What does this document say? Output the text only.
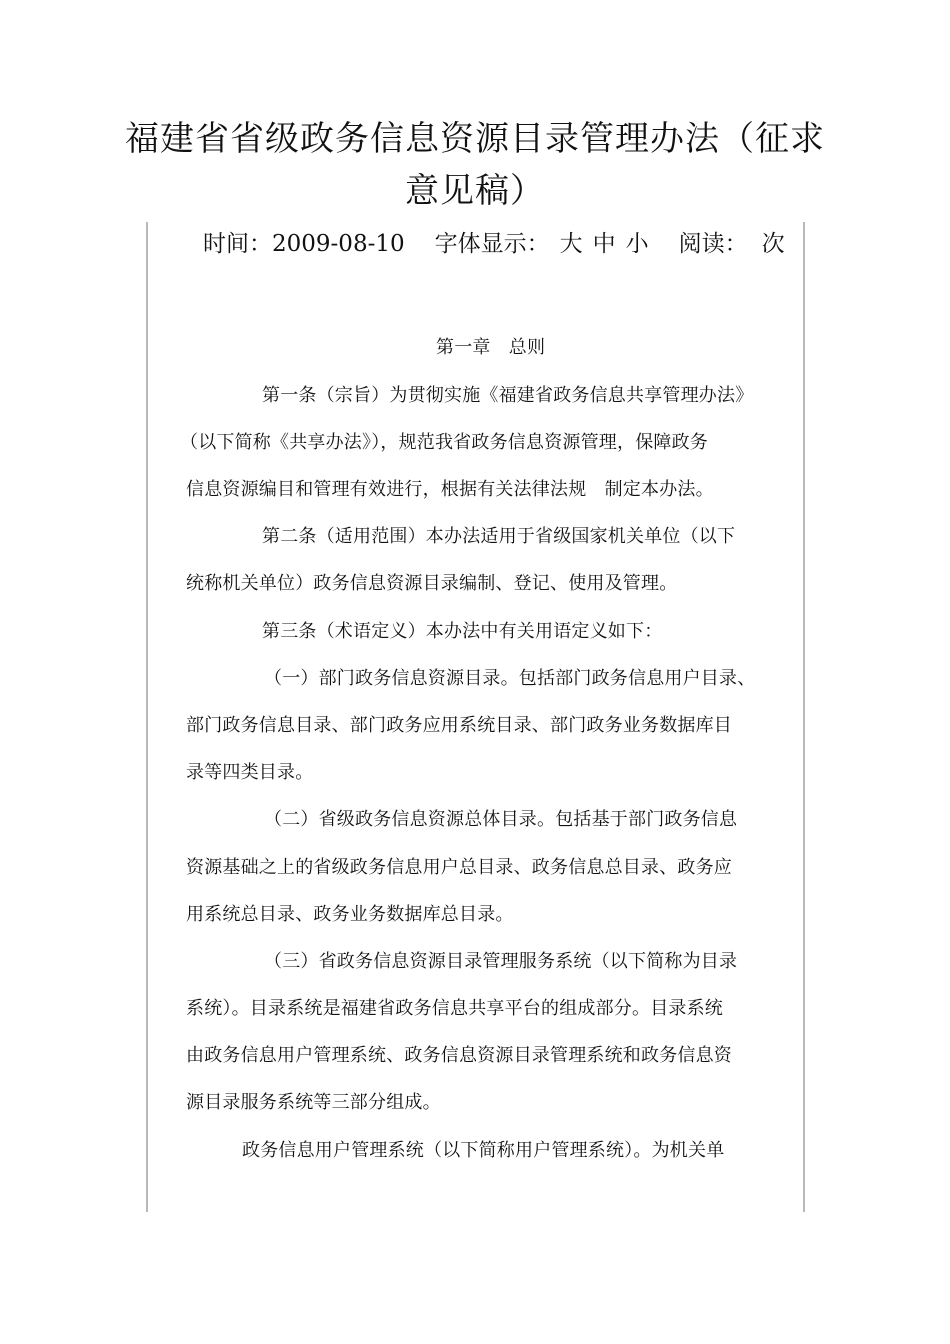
福建省省级政务信息资源目录管理办法（征求
意见稿）
时间：2009-08-10 字体显示： 大 中 小 阅读： 次
第一章　总则
第一条（宗旨）为贯彻实施《福建省政务信息共享管理办法》
（以下简称《共享办法》），规范我省政务信息资源管理，保障政务
信息资源编目和管理有效进行，根据有关法律法规　制定本办法。
第二条（适用范围）本办法适用于省级国家机关单位（以下
统称机关单位）政务信息资源目录编制、登记、使用及管理。
第三条（术语定义）本办法中有关用语定义如下：
（一）部门政务信息资源目录。包括部门政务信息用户目录、
部门政务信息目录、部门政务应用系统目录、部门政务业务数据库目
录等四类目录。
（二）省级政务信息资源总体目录。包括基于部门政务信息
资源基础之上的省级政务信息用户总目录、政务信息总目录、政务应
用系统总目录、政务业务数据库总目录。
（三）省政务信息资源目录管理服务系统（以下简称为目录
系统）。目录系统是福建省政务信息共享平台的组成部分。目录系统
由政务信息用户管理系统、政务信息资源目录管理系统和政务信息资
源目录服务系统等三部分组成。
政务信息用户管理系统（以下简称用户管理系统）。为机关单
